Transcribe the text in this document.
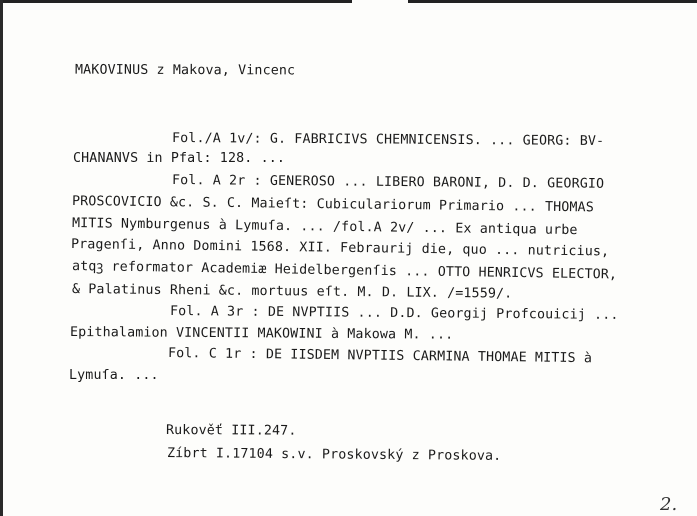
MAKOVINUS z Makova, Vincenc
Fol./A 1v/: G. FABRICIVS CHEMNICENSIS. ... GEORG: BV-
CHANANVS in Pfal: 128. ...
Fol. A 2r : GENEROSO ... LIBERO BARONI, D. D. GEORGIO
PROSCOVICIO &c. S. C. Maieſt: Cubiculariorum Primario ... THOMAS
MITIS Nymburgenus à Lymuſa. ... /fol.A 2v/ ... Ex antiqua urbe
Pragenſi, Anno Domini 1568. XII. Febraurij die, quo ... nutricius,
atqꝫ reformator Academiæ Heidelbergenſis ... OTTO HENRICVS ELECTOR,
& Palatinus Rheni &c. mortuus eſt. M. D. LIX. /=1559/.
Fol. A 3r : DE NVPTIIS ... D.D. Georgij Profcouicij ...
Epithalamion VINCENTII MAKOWINI à Makowa M. ...
Fol. C 1r : DE IISDEM NVPTIIS CARMINA THOMAE MITIS à
Lymuſa. ...
Rukověť III.247.
Zíbrt I.17104 s.v. Proskovský z Proskova.
2.
